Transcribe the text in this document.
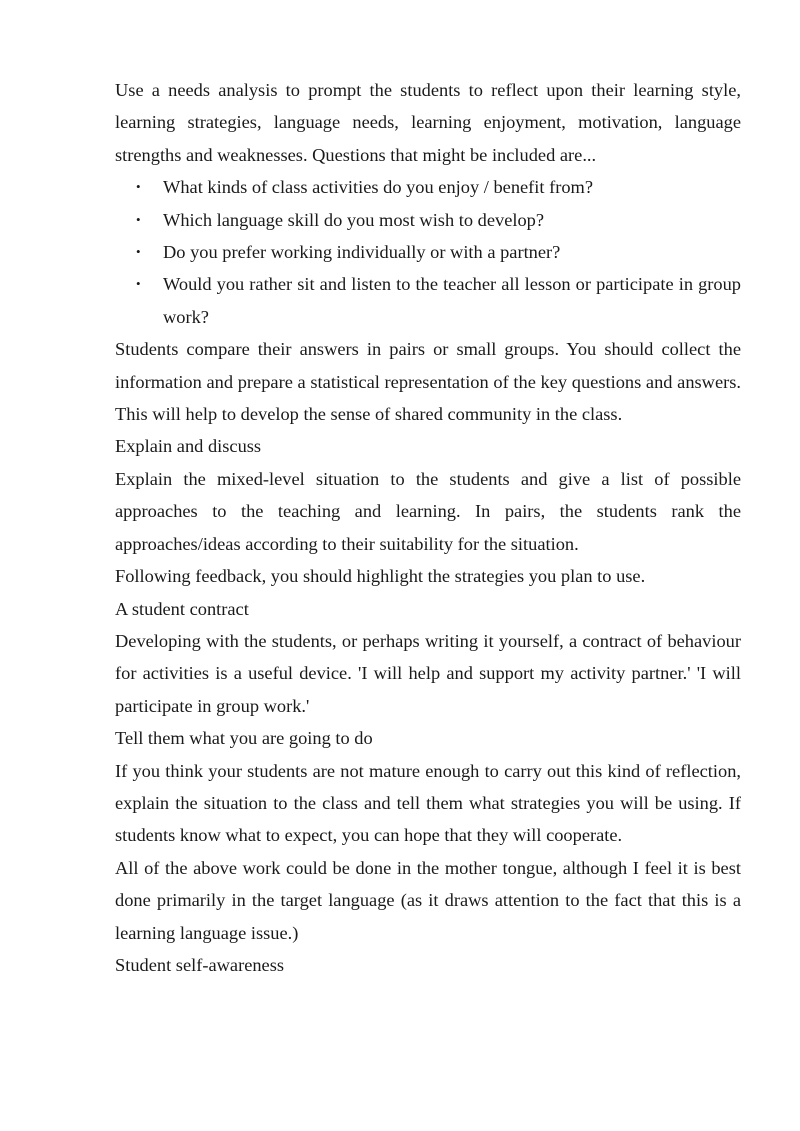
Use a needs analysis to prompt the students to reflect upon their learning style, learning strategies, language needs, learning enjoyment, motivation, language strengths and weaknesses. Questions that might be included are...

• What kinds of class activities do you enjoy / benefit from?
• Which language skill do you most wish to develop?
• Do you prefer working individually or with a partner?
• Would you rather sit and listen to the teacher all lesson or participate in group work?

Students compare their answers in pairs or small groups. You should collect the information and prepare a statistical representation of the key questions and answers. This will help to develop the sense of shared community in the class.

Explain and discuss

Explain the mixed-level situation to the students and give a list of possible approaches to the teaching and learning. In pairs, the students rank the approaches/ideas according to their suitability for the situation.

Following feedback, you should highlight the strategies you plan to use.

A student contract

Developing with the students, or perhaps writing it yourself, a contract of behaviour for activities is a useful device. 'I will help and support my activity partner.' 'I will participate in group work.'

Tell them what you are going to do

If you think your students are not mature enough to carry out this kind of reflection, explain the situation to the class and tell them what strategies you will be using. If students know what to expect, you can hope that they will cooperate.

All of the above work could be done in the mother tongue, although I feel it is best done primarily in the target language (as it draws attention to the fact that this is a learning language issue.)

Student self-awareness
